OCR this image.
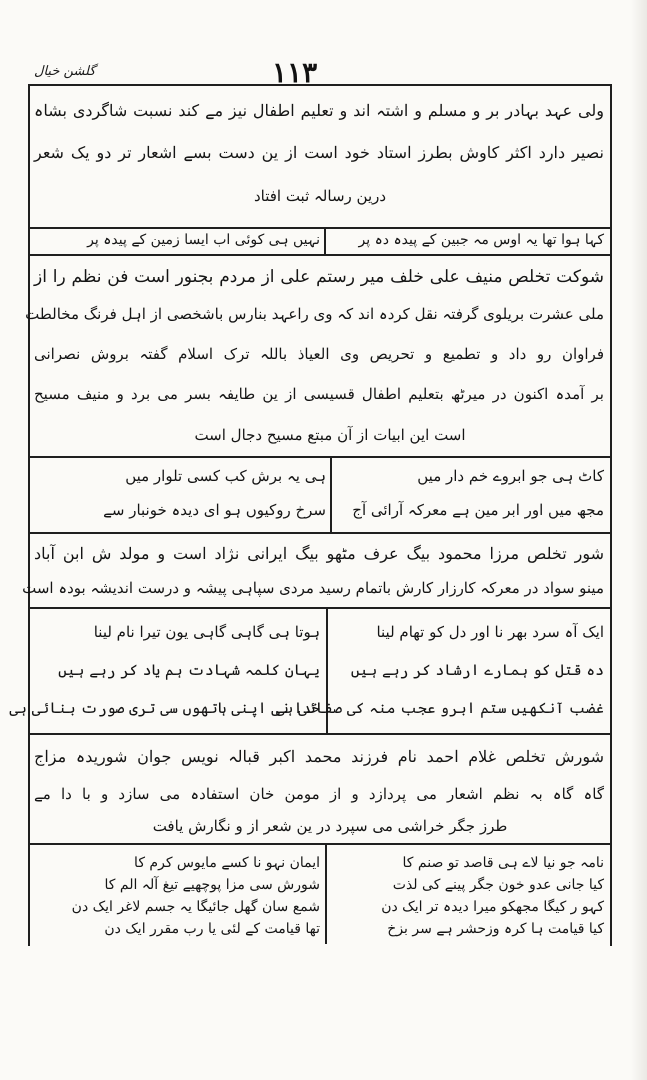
گلشن خیال	۱۱۳
ولی عہد بہادر بر و مسلم و اشتہ اند و تعلیم اطفال نیز مے کند نسبت شاگردی بشاہ
نصیر دارد اکثر کاوش بطرز استاد خود است از ین دست بسے اشعار تر دو یک شعر
درین رسالہ ثبت افتاد
کہا ہوا تھا یہ اوس مہ جبین کے پیدہ دہ پر
نہیں ہی کوئی اب ایسا زمین کے پیدہ پر
شوکت تخلص منیف علی خلف میر رستم علی از مردم بجنور است فن نظم را از
ملی عشرت بریلوی گرفتہ نقل کردہ اند کہ وی راعہد بنارس باشخصی از اہل فرنگ مخالطت
فراوان رو داد و تطمیع و تحریص وی العیاذ باللہ ترک اسلام گفتہ بروش نصرانی
بر آمدہ اکنون در میرٹھ بتعلیم اطفال قسیسی از ین طایفہ بسر می برد و منیف مسیح
است این ابیات از آن مبتع مسیح دجال است
کاٹ ہی جو ابروے خم دار میں
مجھ میں اور ابر مین ہے معرکہ آرائی آج
ہی یہ برش کب کسی تلوار میں
سرخ روکیوں ہو ای دیدہ خونبار سے
شور تخلص مرزا محمود بیگ عرف مٹھو بیگ ایرانی نژاد است و مولد ش ابن آباد
مینو سواد در معرکہ کارزار کارش باتمام رسید مردی سپاہی پیشہ و درست اندیشہ بودہ است
ایک آہ سرد بھر نا اور دل کو تھام لینا
دہ قتل کو ہمارے ارشاد کر رہے ہیں
غضب آنکھیں ستم ابرو عجب منہ کی صفائی ہی
ہوتا ہی گاہی گاہی یون تیرا نام لینا
یہان کلمہ شہادت ہم یاد کر رہے ہیں
خدا نی اپنی ہاتھوں سی تری صورت بنائی ہی
شورش تخلص غلام احمد نام فرزند محمد اکبر قبالہ نویس جوان شوریدہ مزاج
گاہ گاہ بہ نظم اشعار می پردازد و از مومن خان استفادہ می سازد و با دا مے
طرز جگر خراشی می سپرد در ین شعر از و نگارش یافت
نامہ جو نیا لاے ہی قاصد تو صنم کا
کیا جانی عدو خون جگر پینے کی لذت
کہو ر کیگا مجھکو میرا دیدہ تر ایک دن
کیا قیامت ہا کرہ وزحشر ہے سر بزخ
ایمان نہو نا کسے مایوس کرم کا
شورش سی مزا پوچھیے تیغ آلہ الم کا
شمع سان گھل جائیگا یہ جسم لاغر ایک دن
تھا قیامت کے لئی یا رب مقرر ایک دن
